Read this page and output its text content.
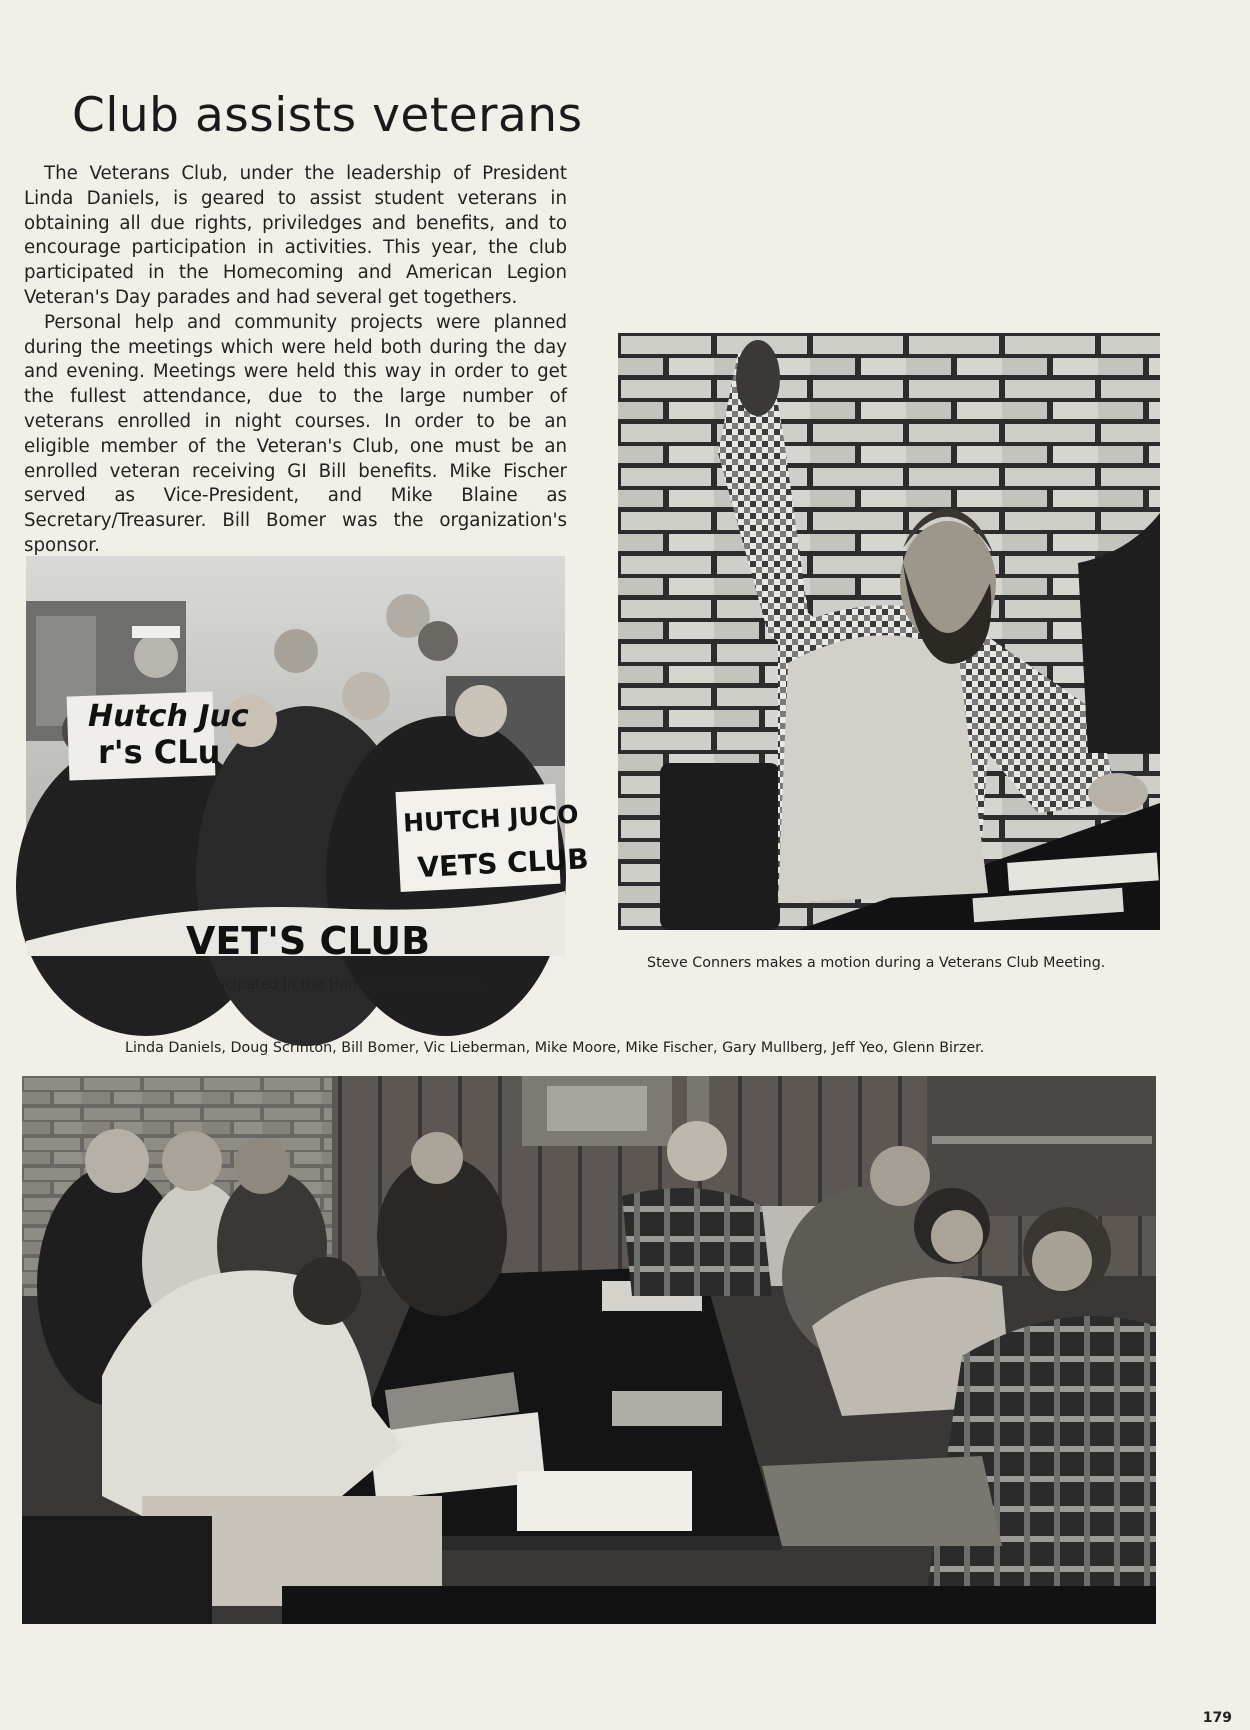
Club assists veterans

The Veterans Club, under the leadership of President Linda Daniels, is geared to assist student veterans in obtaining all due rights, priviledges and benefits, and to encourage participation in activities. This year, the club participated in the Homecoming and American Legion Veteran's Day parades and had several get togethers.

Personal help and community projects were planned during the meetings which were held both during the day and evening. Meetings were held this way in order to get the fullest attendance, due to the large number of veterans enrolled in night courses. In order to be an eligible member of the Veteran's Club, one must be an enrolled veteran receiving GI Bill benefits. Mike Fischer served as Vice-President, and Mike Blaine as Secretary/Treasurer. Bill Bomer was the organization's sponsor.

Hutch Juc
r's CLu
HUTCH JUCO
VETS CLUB
VET'S CLUB
Club members participated in the Homecoming parade.
Steve Conners makes a motion during a Veterans Club Meeting.
Linda Daniels, Doug Scrinton, Bill Bomer, Vic Lieberman, Mike Moore, Mike Fischer, Gary Mullberg, Jeff Yeo, Glenn Birzer.
179
